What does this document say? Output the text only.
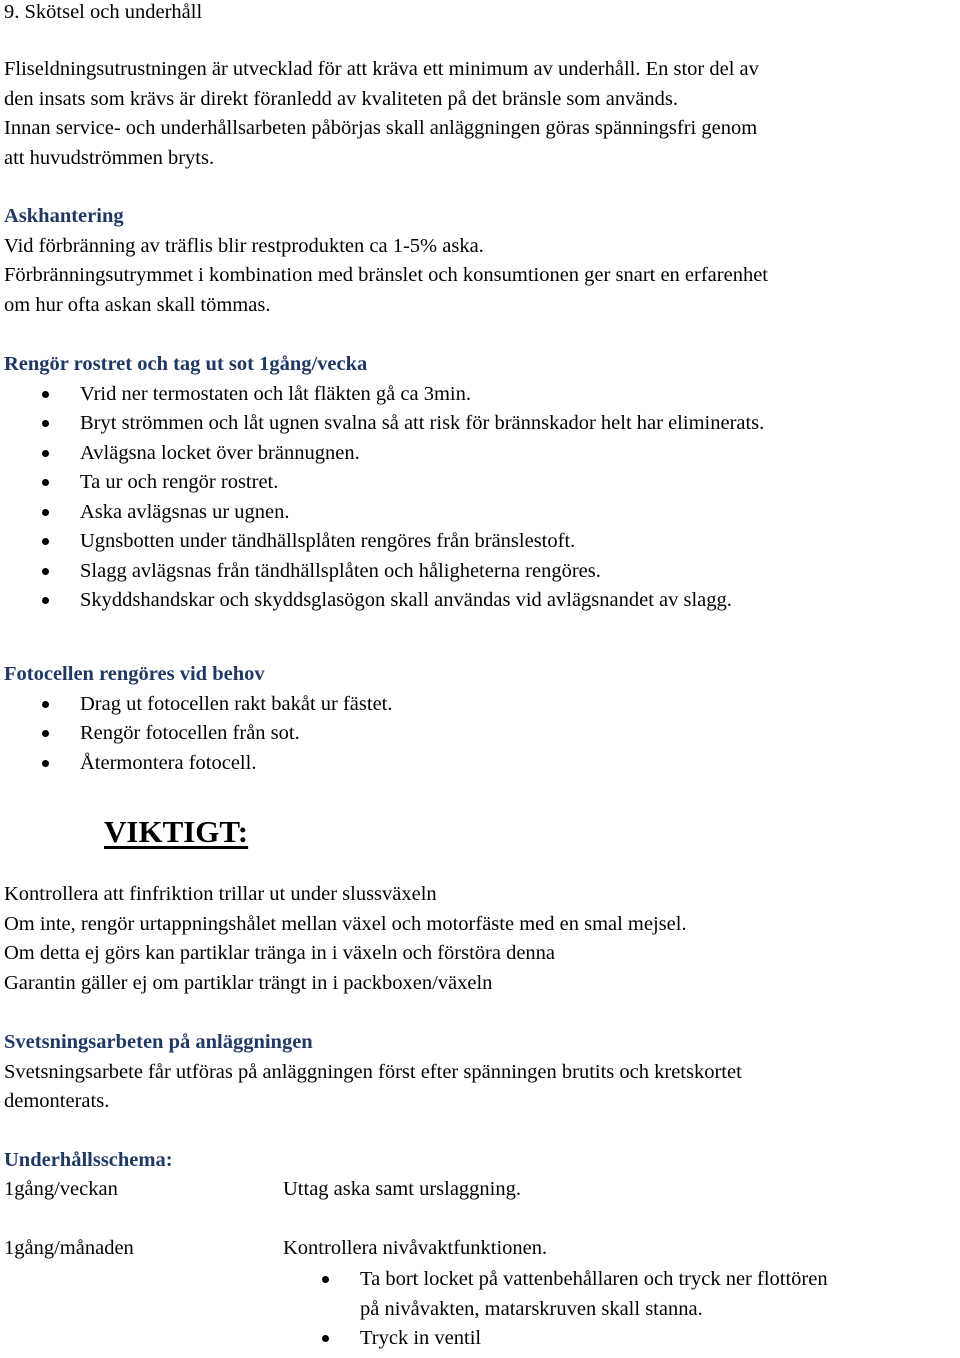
9. Skötsel och underhåll
Fliseldningsutrustningen är utvecklad för att kräva ett minimum av underhåll. En stor del av
den insats som krävs är direkt föranledd av kvaliteten på det bränsle som används.
Innan service- och underhållsarbeten påbörjas skall anläggningen göras spänningsfri genom
att huvudströmmen bryts.
Askhantering
Vid förbränning av träflis blir restprodukten ca 1-5% aska.
Förbränningsutrymmet i kombination med bränslet och konsumtionen ger snart en erfarenhet
om hur ofta askan skall tömmas.
Rengör rostret och tag ut sot 1gång/vecka
Vrid ner termostaten och låt fläkten gå ca 3min.
Bryt strömmen och låt ugnen svalna så att risk för brännskador helt har eliminerats.
Avlägsna locket över brännugnen.
Ta ur och rengör rostret.
Aska avlägsnas ur ugnen.
Ugnsbotten under tändhällsplåten rengöres från bränslestoft.
Slagg avlägsnas från tändhällsplåten och håligheterna rengöres.
Skyddshandskar och skyddsglasögon skall användas vid avlägsnandet av slagg.
Fotocellen rengöres vid behov
Drag ut fotocellen rakt bakåt ur fästet.
Rengör fotocellen från sot.
Återmontera fotocell.
VIKTIGT:
Kontrollera att finfriktion trillar ut under slussväxeln
Om inte, rengör urtappningshålet mellan växel och motorfäste med en smal mejsel.
Om detta ej görs kan partiklar tränga in i växeln och förstöra denna
Garantin gäller ej om partiklar trängt in i packboxen/växeln
Svetsningsarbeten på anläggningen
Svetsningsarbete får utföras på anläggningen först efter spänningen brutits och kretskortet
demonterats.
Underhållsschema:
1gång/veckan	Uttag aska samt urslaggning.
1gång/månaden	Kontrollera nivåvaktfunktionen.
Ta bort locket på vattenbehållaren och tryck ner flottören
på nivåvakten, matarskruven skall stanna.
Tryck in ventil
